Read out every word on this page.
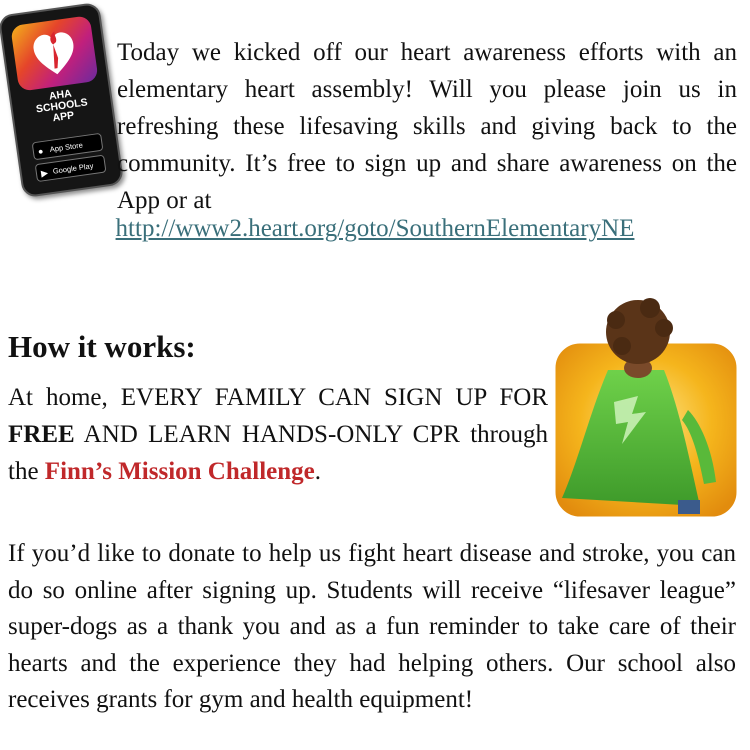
AHA
SCHOOLS
APP
● App Store
▶ Google Play
Today we kicked off our heart awareness efforts with an elementary heart assembly! Will you please join us in refreshing these lifesaving skills and giving back to the community. It’s free to sign up and share awareness on the App or at
http://www2.heart.org/goto/SouthernElementaryNE
How it works:
At home, EVERY FAMILY CAN SIGN UP FOR FREE AND LEARN HANDS-ONLY CPR through the Finn’s Mission Challenge.
If you’d like to donate to help us fight heart disease and stroke, you can do so online after signing up. Students will receive “lifesaver league” super-dogs as a thank you and as a fun reminder to take care of their hearts and the experience they had helping others. Our school also receives grants for gym and health equipment!
